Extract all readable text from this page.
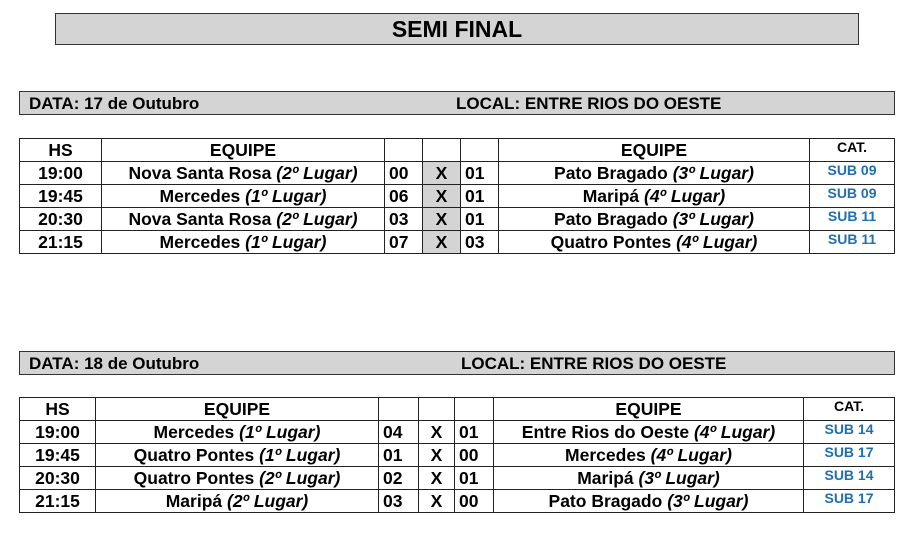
SEMI FINAL
DATA: 17 de Outubro	LOCAL: ENTRE RIOS DO OESTE
HS	EQUIPE				EQUIPE	CAT.
19:00	Nova Santa Rosa (2º Lugar)	00	X	01	Pato Bragado (3º Lugar)	SUB 09
19:45	Mercedes (1º Lugar)	06	X	01	Maripá (4º Lugar)	SUB 09
20:30	Nova Santa Rosa (2º Lugar)	03	X	01	Pato Bragado (3º Lugar)	SUB 11
21:15	Mercedes (1º Lugar)	07	X	03	Quatro Pontes (4º Lugar)	SUB 11
DATA: 18 de Outubro	LOCAL: ENTRE RIOS DO OESTE
HS	EQUIPE				EQUIPE	CAT.
19:00	Mercedes (1º Lugar)	04	X	01	Entre Rios do Oeste (4º Lugar)	SUB 14
19:45	Quatro Pontes (1º Lugar)	01	X	00	Mercedes (4º Lugar)	SUB 17
20:30	Quatro Pontes (2º Lugar)	02	X	01	Maripá (3º Lugar)	SUB 14
21:15	Maripá (2º Lugar)	03	X	00	Pato Bragado (3º Lugar)	SUB 17
